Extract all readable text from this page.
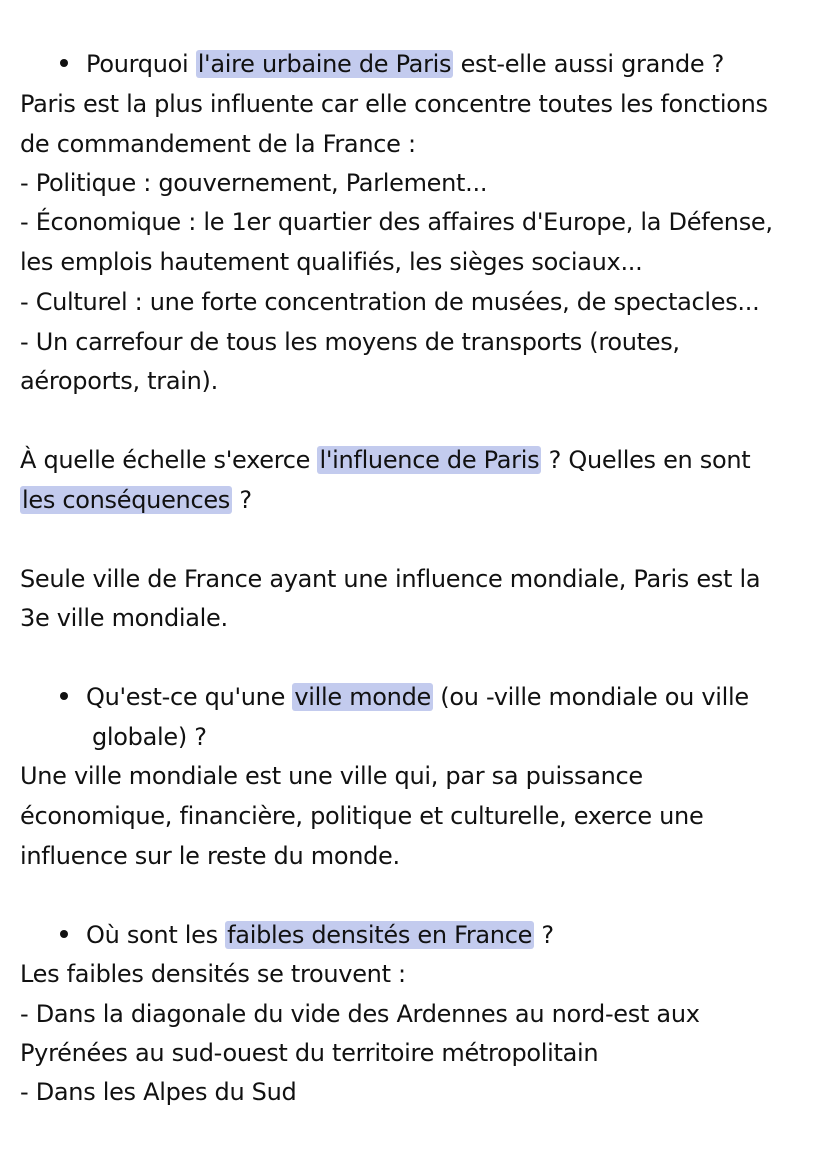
Pourquoi l'aire urbaine de Paris est-elle aussi grande ?
Paris est la plus influente car elle concentre toutes les fonctions
de commandement de la France :
- Politique : gouvernement, Parlement...
- Économique : le 1er quartier des affaires d'Europe, la Défense,
les emplois hautement qualifiés, les sièges sociaux...
- Culturel : une forte concentration de musées, de spectacles...
- Un carrefour de tous les moyens de transports (routes,
aéroports, train).
À quelle échelle s'exerce l'influence de Paris ? Quelles en sont
les conséquences ?
Seule ville de France ayant une influence mondiale, Paris est la
3e ville mondiale.
Qu'est-ce qu'une ville monde (ou -ville mondiale ou ville
globale) ?
Une ville mondiale est une ville qui, par sa puissance
économique, financière, politique et culturelle, exerce une
influence sur le reste du monde.
Où sont les faibles densités en France ?
Les faibles densités se trouvent :
- Dans la diagonale du vide des Ardennes au nord-est aux
Pyrénées au sud-ouest du territoire métropolitain
- Dans les Alpes du Sud
